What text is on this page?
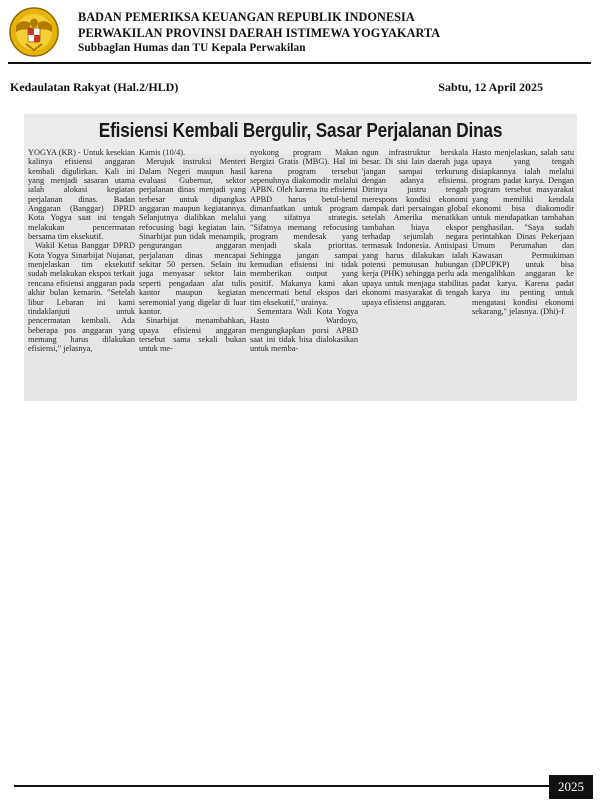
BADAN PEMERIKSA KEUANGAN REPUBLIK INDONESIA
PERWAKILAN PROVINSI DAERAH ISTIMEWA YOGYAKARTA
Subbaglan Humas dan TU Kepala Perwakilan
Kedaulatan Rakyat (Hal.2/HLD)	Sabtu, 12 April 2025
Efisiensi Kembali Bergulir, Sasar Perjalanan Dinas

YOGYA (KR) - Untuk kesekian kalinya efisiensi anggaran kembali digulirkan. Kali ini yang menjadi sasaran utama ialah alokasi kegiatan perjalanan dinas. Badan Anggaran (Banggar) DPRD Kota Yogya saat ini tengah melakukan pencermatan bersama tim eksekutif.

Wakil Ketua Banggar DPRD Kota Yogya Sinarbijat Nujanat, menjelaskan tim eksekutif sudah melakukan ekspos terkait rencana efisiensi anggaran pada akhir bulan kemarin. "Setelah libur Lebaran ini kami tindaklanjuti untuk pencermatan kembali. Ada beberapa pos anggaran yang memang harus dilakukan efisiensi," jelasnya,

Kamis (10/4).

Merujuk instruksi Menteri Dalam Negeri maupun hasil evaluasi Gubernur, sektor perjalanan dinas menjadi yang terbesar untuk dipangkas anggaran maupun kegiatannya. Selanjutnya dialihkan melalui refocusing bagi kegiatan lain. Sinarbijat pun tidak menampik, pengurangan anggaran perjalanan dinas mencapai sekitar 50 persen. Selain itu juga menyasar sektor lain seperti pengadaan alat tulis kantor maupun kegiatan seremonial yang digelar di luar kantor.

Sinarbijat menambahkan, upaya efisiensi anggaran tersebut sama sekali bukan untuk me-

nyokong program Makan Bergizi Gratis (MBG). Hal ini karena program tersebut sepenuhnya diakomodir melalui APBN. Oleh karena itu efisiensi APBD harus betul-betul dimanfaatkan untuk program yang sifatnya strategis. "Sifatnya memang refocusing program mendesak yang menjadi skala prioritas. Sehingga jangan sampai kemudian efisiensi ini tidak memberikan output yang positif. Makanya kami akan mencermati betul ekspos dari tim eksekutif," urainya.

Sementara Wali Kota Yogya Hasto Wardoyo, mengungkapkan porsi APBD saat ini tidak bisa dialokasikan untuk memba-

ngun infrastruktur berskala besar. Di sisi lain daerah juga 'jangan sampai terkurung dengan adanya efisiensi. Dirinya justru tengah merespons kondisi ekonomi dampak dari persaingan global setelah Amerika menaikkan tambahan biaya ekspor terhadap sejumlah negara termasuk Indonesia. Antisipasi yang harus dilakukan ialah potensi pemutusan hubungan kerja (PHK) sehingga perlu ada upaya untuk menjaga stabilitas ekonomi masyarakat di tengah upaya efisiensi anggaran.

Hasto menjelaskan, salah satu upaya yang tengah disiapkannya ialah melalui program padat karya. Dengan program tersebut masyarakat yang memiliki kendala ekonomi bisa diakomodir untuk mendapatkan tambahan penghasilan. "Saya sudah perintahkan Dinas Pekerjaan Umum Perumahan dan Kawasan Permukiman (DPUPKP) untuk bisa mengalihkan anggaran ke padat karya. Karena padat karya itu penting untuk mengatasi kondisi ekonomi sekarang," jelasnya. (Dhi)-f

2025
